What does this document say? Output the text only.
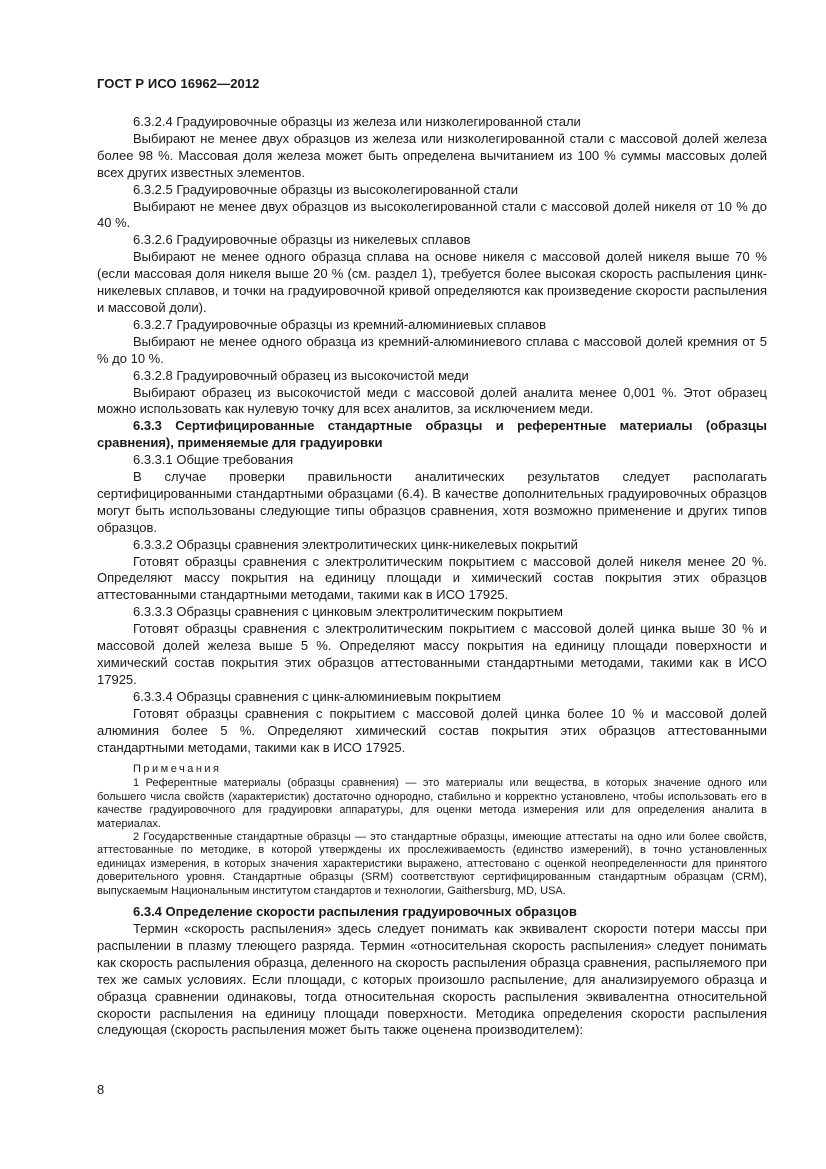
ГОСТ Р ИСО 16962—2012

6.3.2.4 Градуировочные образцы из железа или низколегированной стали

Выбирают не менее двух образцов из железа или низколегированной стали с массовой долей железа более 98 %. Массовая доля железа может быть определена вычитанием из 100 % суммы массовых долей всех других известных элементов.

6.3.2.5 Градуировочные образцы из высоколегированной стали

Выбирают не менее двух образцов из высоколегированной стали с массовой долей никеля от 10 % до 40 %.

6.3.2.6 Градуировочные образцы из никелевых сплавов

Выбирают не менее одного образца сплава на основе никеля с массовой долей никеля выше 70 % (если массовая доля никеля выше 20 % (см. раздел 1), требуется более высокая скорость распыления цинк-никелевых сплавов, и точки на градуировочной кривой определяются как произведение скорости распыления и массовой доли).

6.3.2.7 Градуировочные образцы из кремний-алюминиевых сплавов

Выбирают не менее одного образца из кремний-алюминиевого сплава с массовой долей кремния от 5 % до 10 %.

6.3.2.8 Градуировочный образец из высокочистой меди

Выбирают образец из высокочистой меди с массовой долей аналита менее 0,001 %. Этот образец можно использовать как нулевую точку для всех аналитов, за исключением меди.

6.3.3 Сертифицированные стандартные образцы и референтные материалы (образцы сравнения), применяемые для градуировки

6.3.3.1 Общие требования

В случае проверки правильности аналитических результатов следует располагать сертифицированными стандартными образцами (6.4). В качестве дополнительных градуировочных образцов могут быть использованы следующие типы образцов сравнения, хотя возможно применение и других типов образцов.

6.3.3.2 Образцы сравнения электролитических цинк-никелевых покрытий

Готовят образцы сравнения с электролитическим покрытием с массовой долей никеля менее 20 %. Определяют массу покрытия на единицу площади и химический состав покрытия этих образцов аттестованными стандартными методами, такими как в ИСО 17925.

6.3.3.3 Образцы сравнения с цинковым электролитическим покрытием

Готовят образцы сравнения с электролитическим покрытием с массовой долей цинка выше 30 % и массовой долей железа выше 5 %. Определяют массу покрытия на единицу площади поверхности и химический состав покрытия этих образцов аттестованными стандартными методами, такими как в ИСО 17925.

6.3.3.4 Образцы сравнения с цинк-алюминиевым покрытием

Готовят образцы сравнения с покрытием с массовой долей цинка более 10 % и массовой долей алюминия более 5 %. Определяют химический состав покрытия этих образцов аттестованными стандартными методами, такими как в ИСО 17925.

Примечания

1 Референтные материалы (образцы сравнения) — это материалы или вещества, в которых значение одного или большего числа свойств (характеристик) достаточно однородно, стабильно и корректно установлено, чтобы использовать его в качестве градуировочного для градуировки аппаратуры, для оценки метода измерения или для определения аналита в материалах.

2 Государственные стандартные образцы — это стандартные образцы, имеющие аттестаты на одно или более свойств, аттестованные по методике, в которой утверждены их прослеживаемость (единство измерений), в точно установленных единицах измерения, в которых значения характеристики выражено, аттестовано с оценкой неопределенности для принятого доверительного уровня. Стандартные образцы (SRM) соответствуют сертифицированным стандартным образцам (CRM), выпускаемым Национальным институтом стандартов и технологии, Gaithersburg, MD, USA.

6.3.4 Определение скорости распыления градуировочных образцов

Термин «скорость распыления» здесь следует понимать как эквивалент скорости потери массы при распылении в плазму тлеющего разряда. Термин «относительная скорость распыления» следует понимать как скорость распыления образца, деленного на скорость распыления образца сравнения, распыляемого при тех же самых условиях. Если площади, с которых произошло распыление, для анализируемого образца и образца сравнении одинаковы, тогда относительная скорость распыления эквивалентна относительной скорости распыления на единицу площади поверхности. Методика определения скорости распыления следующая (скорость распыления может быть также оценена производителем):

8
